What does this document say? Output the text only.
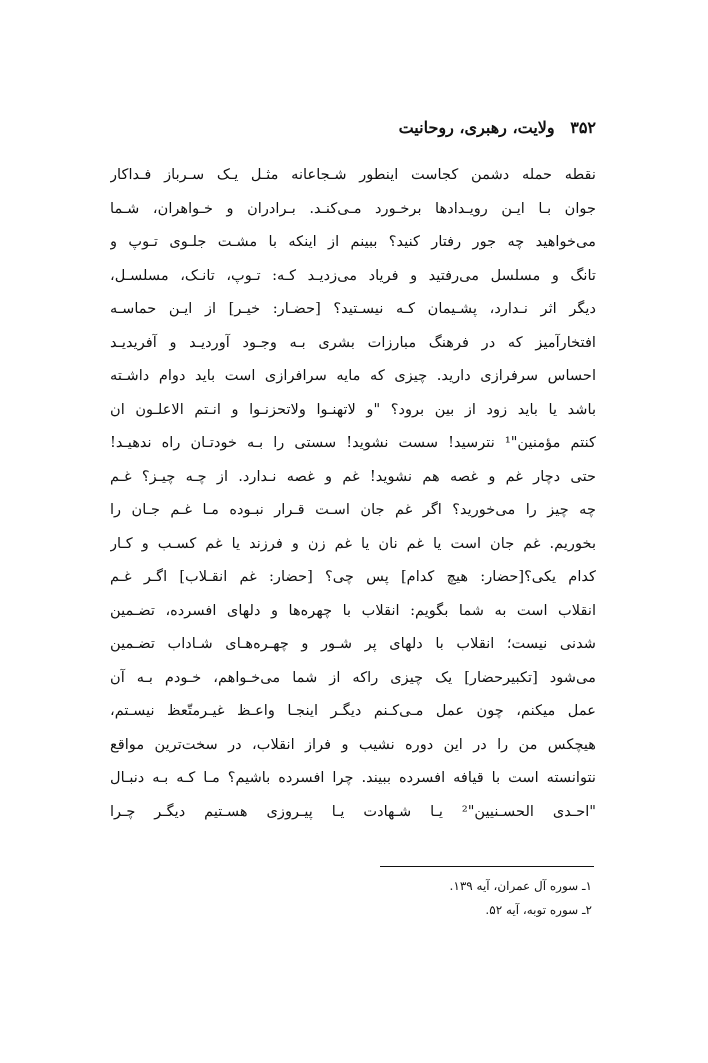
۳۵۲ ولایت، رهبری، روحانیت
نقطه حمله دشمن کجاست اینطور شـجاعانه مثـل یـک سـرباز فـداکار
جوان بـا ایـن رویـدادها برخـورد مـی‌کنـد. بـرادران و خـواهران، شـما
می‌خواهید چه جور رفتار کنید؟ ببینم از اینکه با مشـت جلـوی تـوپ و
تانگ و مسلسل می‌رفتید و فریاد می‌زدیـد کـه: تـوپ، تانـک، مسلسـل،
دیگر اثر نـدارد، پشـیمان کـه نیسـتید؟ [حضـار: خیـر] از ایـن حماسـه
افتخارآمیز که در فرهنگ مبارزات بشری بـه وجـود آوردیـد و آفریدیـد
احساس سرفرازی دارید. چیزی که مایه سرافرازی است باید دوام داشـته
باشد یا باید زود از بین برود؟ "و لاتهنـوا ولاتحزنـوا و انـتم الاعلـون ان
کنتم مؤمنین"¹ نترسید! سست نشوید! سستی را بـه خودتـان راه ندهیـد!
حتی دچار غم و غصه هم نشوید! غم و غصه نـدارد. از چـه چیـز؟ غـم
چه چیز را می‌خورید؟ اگر غم جان اسـت قـرار نبـوده مـا غـم جـان را
بخوریم. غم جان است یا غم نان یا غم زن و فرزند یا غم کسـب و کـار
کدام یکی؟[حضار: هیچ کدام] پس چی؟ [حضار: غم انقـلاب] اگـر غـم
انقلاب است به شما بگویم: انقلاب با چهره‌ها و دلهای افسرده، تضـمین
شدنی نیست؛ انقلاب با دلهای پر شـور و چهـره‌هـای شـاداب تضـمین
می‌شود [تکبیرحضار] یک چیزی راکه از شما می‌خـواهم، خـودم بـه آن
عمل میکنم، چون عمل مـی‌کـنم دیگـر اینجـا واعـظ غیـرمتّعظ نیسـتم،
هیچکس من را در این دوره نشیب و فراز انقلاب، در سخت‌ترین مواقع
نتوانسته است با قیافه افسرده ببیند. چرا افسرده باشیم؟ مـا کـه بـه دنبـال
"احـدی الحسـنیین"² یـا شـهادت یـا پیـروزی هسـتیم دیگـر چـرا
۱ـ سوره آل عمران، آیه ۱۳۹.
۲ـ سوره توبه، آیه ۵۲.
